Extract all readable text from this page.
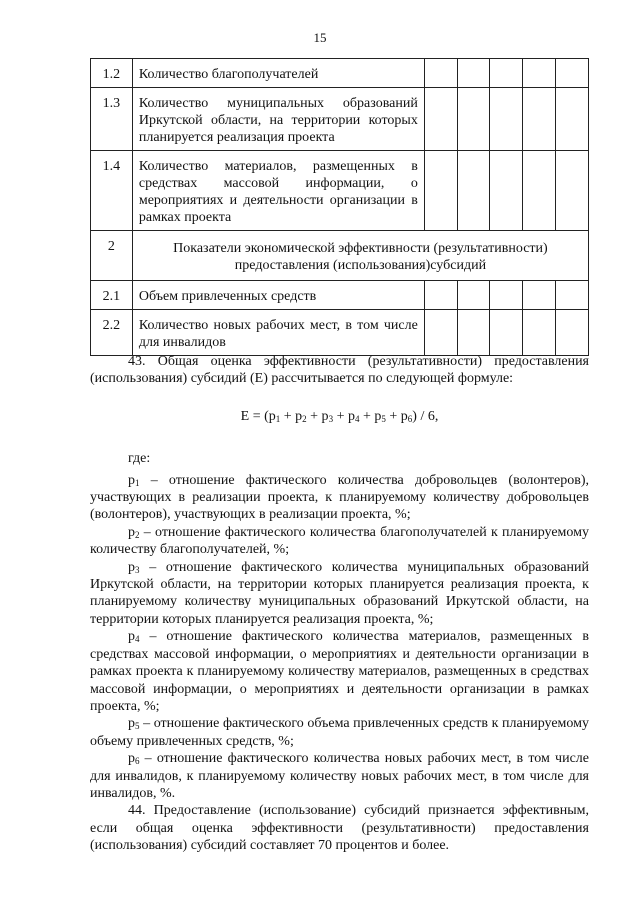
15
1.2	Количество благополучателей					
1.3	Количество муниципальных образований Иркутской области, на территории которых планируется реализация проекта					
1.4	Количество материалов, размещенных в средствах массовой информации, о мероприятиях и деятельности организации в рамках проекта					
2	Показатели экономической эффективности (результативности) предоставления (использования)субсидий					
2.1	Объем привлеченных средств					
2.2	Количество новых рабочих мест, в том числе для инвалидов					

43. Общая оценка эффективности (результативности) предоставления (использования) субсидий (E) рассчитывается по следующей формуле:

$E = (p_1 + p_2 + p_3 + p_4 + p_5 + p_6) / 6$,

где:

$p_1$ – отношение фактического количества добровольцев (волонтеров), участвующих в реализации проекта, к планируемому количеству добровольцев (волонтеров), участвующих в реализации проекта, %;

$p_2$ – отношение фактического количества благополучателей к планируемому количеству благополучателей, %;

$p_3$ – отношение фактического количества муниципальных образований Иркутской области, на территории которых планируется реализация проекта, к планируемому количеству муниципальных образований Иркутской области, на территории которых планируется реализация проекта, %;

$p_4$ – отношение фактического количества материалов, размещенных в средствах массовой информации, о мероприятиях и деятельности организации в рамках проекта к планируемому количеству материалов, размещенных в средствах массовой информации, о мероприятиях и деятельности организации в рамках проекта, %;

$p_5$ – отношение фактического объема привлеченных средств к планируемому объему привлеченных средств, %;

$p_6$ – отношение фактического количества новых рабочих мест, в том числе для инвалидов, к планируемому количеству новых рабочих мест, в том числе для инвалидов, %.

44. Предоставление (использование) субсидий признается эффективным, если общая оценка эффективности (результативности) предоставления (использования) субсидий составляет 70 процентов и более.
